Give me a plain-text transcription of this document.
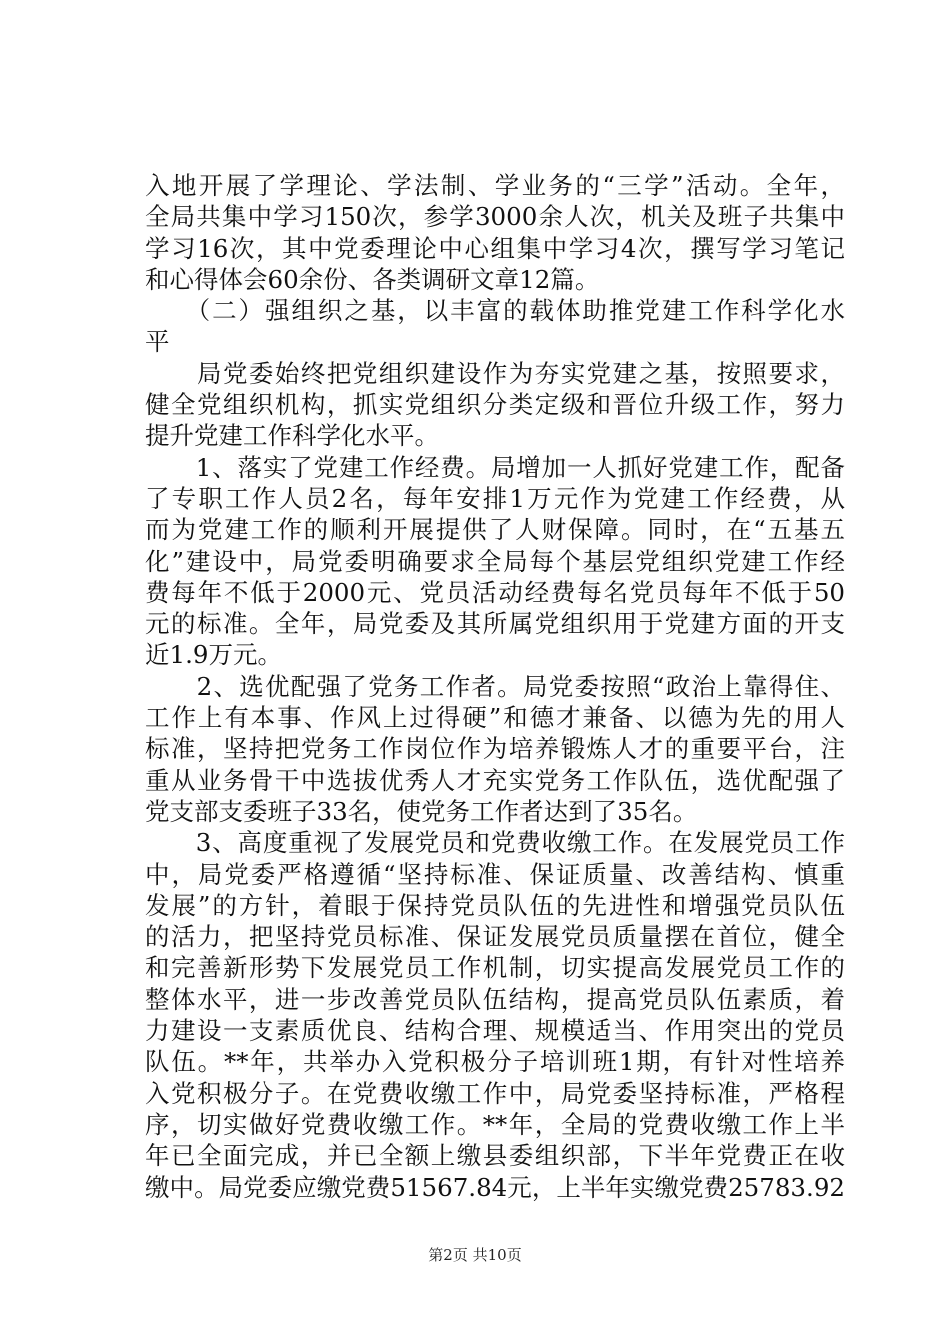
入地开展了学理论、学法制、学业务的“三学”活动。全年，
全局共集中学习150次，参学3000余人次，机关及班子共集中
学习16次，其中党委理论中心组集中学习4次，撰写学习笔记
和心得体会60余份、各类调研文章12篇。
　　（二）强组织之基，以丰富的载体助推党建工作科学化水
平
　　局党委始终把党组织建设作为夯实党建之基，按照要求，
健全党组织机构，抓实党组织分类定级和晋位升级工作，努力
提升党建工作科学化水平。
　　1、落实了党建工作经费。局增加一人抓好党建工作，配备
了专职工作人员2名，每年安排1万元作为党建工作经费，从
而为党建工作的顺利开展提供了人财保障。同时，在“五基五
化”建设中，局党委明确要求全局每个基层党组织党建工作经
费每年不低于2000元、党员活动经费每名党员每年不低于50
元的标准。全年，局党委及其所属党组织用于党建方面的开支
近1.9万元。
　　2、选优配强了党务工作者。局党委按照“政治上靠得住、
工作上有本事、作风上过得硬”和德才兼备、以德为先的用人
标准，坚持把党务工作岗位作为培养锻炼人才的重要平台，注
重从业务骨干中选拔优秀人才充实党务工作队伍，选优配强了
党支部支委班子33名，使党务工作者达到了35名。
　　3、高度重视了发展党员和党费收缴工作。在发展党员工作
中，局党委严格遵循“坚持标准、保证质量、改善结构、慎重
发展”的方针，着眼于保持党员队伍的先进性和增强党员队伍
的活力，把坚持党员标准、保证发展党员质量摆在首位，健全
和完善新形势下发展党员工作机制，切实提高发展党员工作的
整体水平，进一步改善党员队伍结构，提高党员队伍素质，着
力建设一支素质优良、结构合理、规模适当、作用突出的党员
队伍。**年，共举办入党积极分子培训班1期，有针对性培养
入党积极分子。在党费收缴工作中，局党委坚持标准，严格程
序，切实做好党费收缴工作。**年，全局的党费收缴工作上半
年已全面完成，并已全额上缴县委组织部，下半年党费正在收
缴中。局党委应缴党费51567.84元，上半年实缴党费25783.92
第2页 共10页
